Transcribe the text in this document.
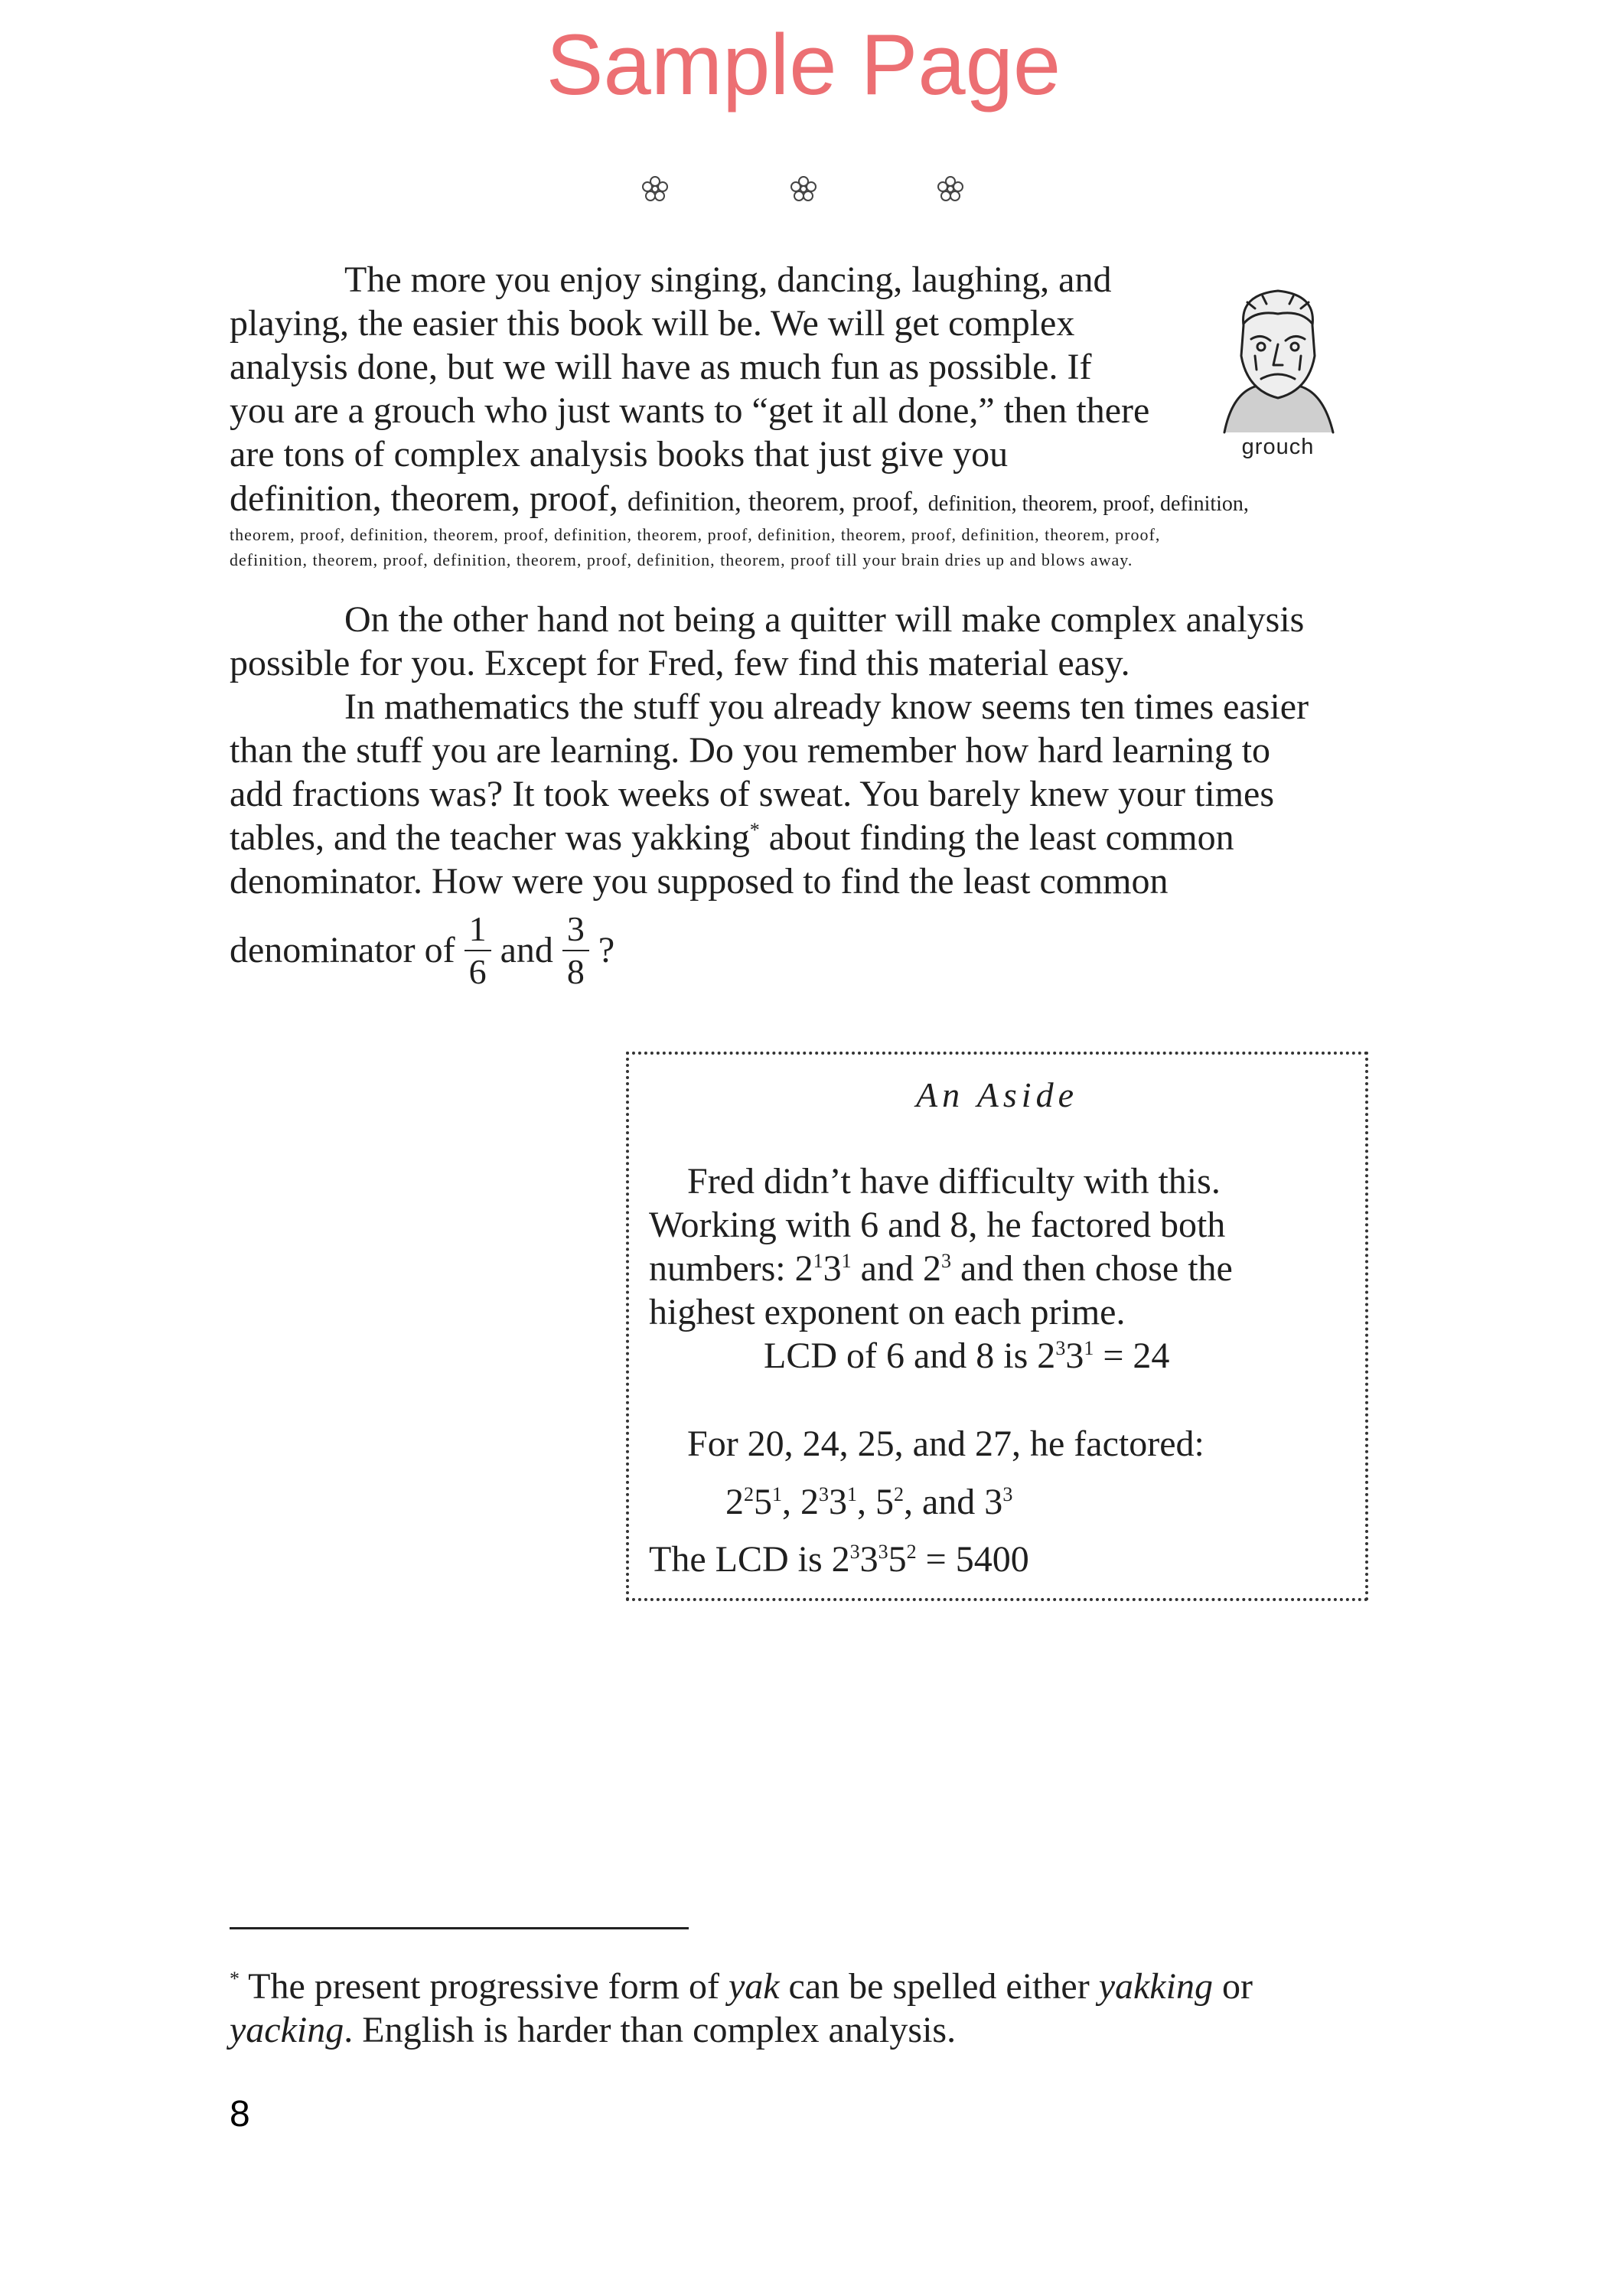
Sample Page
grouch
The more you enjoy singing, dancing, laughing, and
playing, the easier this book will be. We will get complex
analysis done, but we will have as much fun as possible. If
you are a grouch who just wants to “get it all done,” then there
are tons of complex analysis books that just give you
definition, theorem, proof, definition, theorem, proof, definition, theorem, proof, definition,
theorem, proof, definition, theorem, proof, definition, theorem, proof, definition, theorem, proof, definition, theorem, proof,
definition, theorem, proof, definition, theorem, proof, definition, theorem, proof till your brain dries up and blows away.
On the other hand not being a quitter will make complex analysis
possible for you. Except for Fred, few find this material easy.
In mathematics the stuff you already know seems ten times easier
than the stuff you are learning. Do you remember how hard learning to
add fractions was? It took weeks of sweat. You barely knew your times
tables, and the teacher was yakking* about finding the least common
denominator. How were you supposed to find the least common
denominator of $\frac{1}{6}$ and $\frac{3}{8}$ ?
An Aside
Fred didn’t have difficulty with this.
Working with 6 and 8, he factored both
numbers: $2^13^1$ and $2^3$ and then chose the
highest exponent on each prime.
LCD of 6 and 8 is $2^33^1 = 24$
For 20, 24, 25, and 27, he factored:
$2^25^1$, $2^33^1$, $5^2$, and $3^3$
The LCD is $2^33^35^2 = 5400$
* The present progressive form of yak can be spelled either yakking or
yacking. English is harder than complex analysis.
8
